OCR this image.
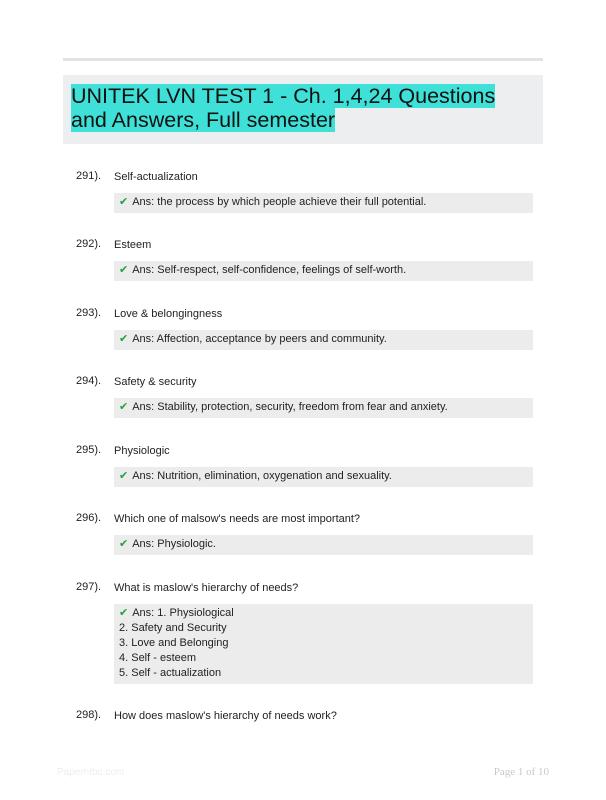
UNITEK LVN TEST 1 - Ch. 1,4,24 Questions and Answers, Full semester
291). Self-actualization
✔ Ans: the process by which people achieve their full potential.
292). Esteem
✔ Ans: Self-respect, self-confidence, feelings of self-worth.
293). Love & belongingness
✔ Ans: Affection, acceptance by peers and community.
294). Safety & security
✔ Ans: Stability, protection, security, freedom from fear and anxiety.
295). Physiologic
✔ Ans: Nutrition, elimination, oxygenation and sexuality.
296). Which one of malsow's needs are most important?
✔ Ans: Physiologic.
297). What is maslow's hierarchy of needs?
✔ Ans: 1. Physiological
2. Safety and Security
3. Love and Belonging
4. Self - esteem
5. Self - actualization
298). How does maslow's hierarchy of needs work?
Paperhtbc.com	Page 1 of 10
